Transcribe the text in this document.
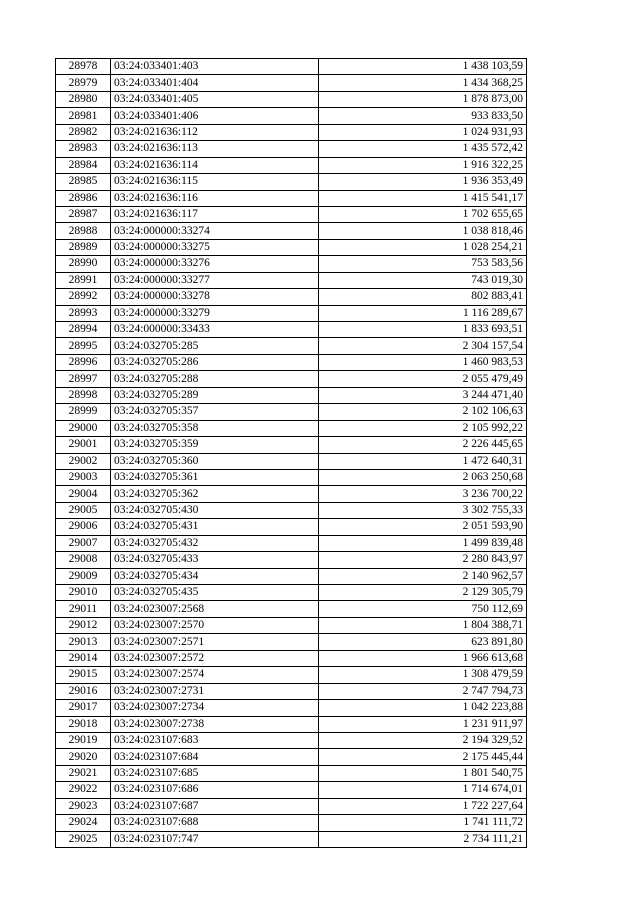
28978	03:24:033401:403	1 438 103,59
28979	03:24:033401:404	1 434 368,25
28980	03:24:033401:405	1 878 873,00
28981	03:24:033401:406	933 833,50
28982	03:24:021636:112	1 024 931,93
28983	03:24:021636:113	1 435 572,42
28984	03:24:021636:114	1 916 322,25
28985	03:24:021636:115	1 936 353,49
28986	03:24:021636:116	1 415 541,17
28987	03:24:021636:117	1 702 655,65
28988	03:24:000000:33274	1 038 818,46
28989	03:24:000000:33275	1 028 254,21
28990	03:24:000000:33276	753 583,56
28991	03:24:000000:33277	743 019,30
28992	03:24:000000:33278	802 883,41
28993	03:24:000000:33279	1 116 289,67
28994	03:24:000000:33433	1 833 693,51
28995	03:24:032705:285	2 304 157,54
28996	03:24:032705:286	1 460 983,53
28997	03:24:032705:288	2 055 479,49
28998	03:24:032705:289	3 244 471,40
28999	03:24:032705:357	2 102 106,63
29000	03:24:032705:358	2 105 992,22
29001	03:24:032705:359	2 226 445,65
29002	03:24:032705:360	1 472 640,31
29003	03:24:032705:361	2 063 250,68
29004	03:24:032705:362	3 236 700,22
29005	03:24:032705:430	3 302 755,33
29006	03:24:032705:431	2 051 593,90
29007	03:24:032705:432	1 499 839,48
29008	03:24:032705:433	2 280 843,97
29009	03:24:032705:434	2 140 962,57
29010	03:24:032705:435	2 129 305,79
29011	03:24:023007:2568	750 112,69
29012	03:24:023007:2570	1 804 388,71
29013	03:24:023007:2571	623 891,80
29014	03:24:023007:2572	1 966 613,68
29015	03:24:023007:2574	1 308 479,59
29016	03:24:023007:2731	2 747 794,73
29017	03:24:023007:2734	1 042 223,88
29018	03:24:023007:2738	1 231 911,97
29019	03:24:023107:683	2 194 329,52
29020	03:24:023107:684	2 175 445,44
29021	03:24:023107:685	1 801 540,75
29022	03:24:023107:686	1 714 674,01
29023	03:24:023107:687	1 722 227,64
29024	03:24:023107:688	1 741 111,72
29025	03:24:023107:747	2 734 111,21
